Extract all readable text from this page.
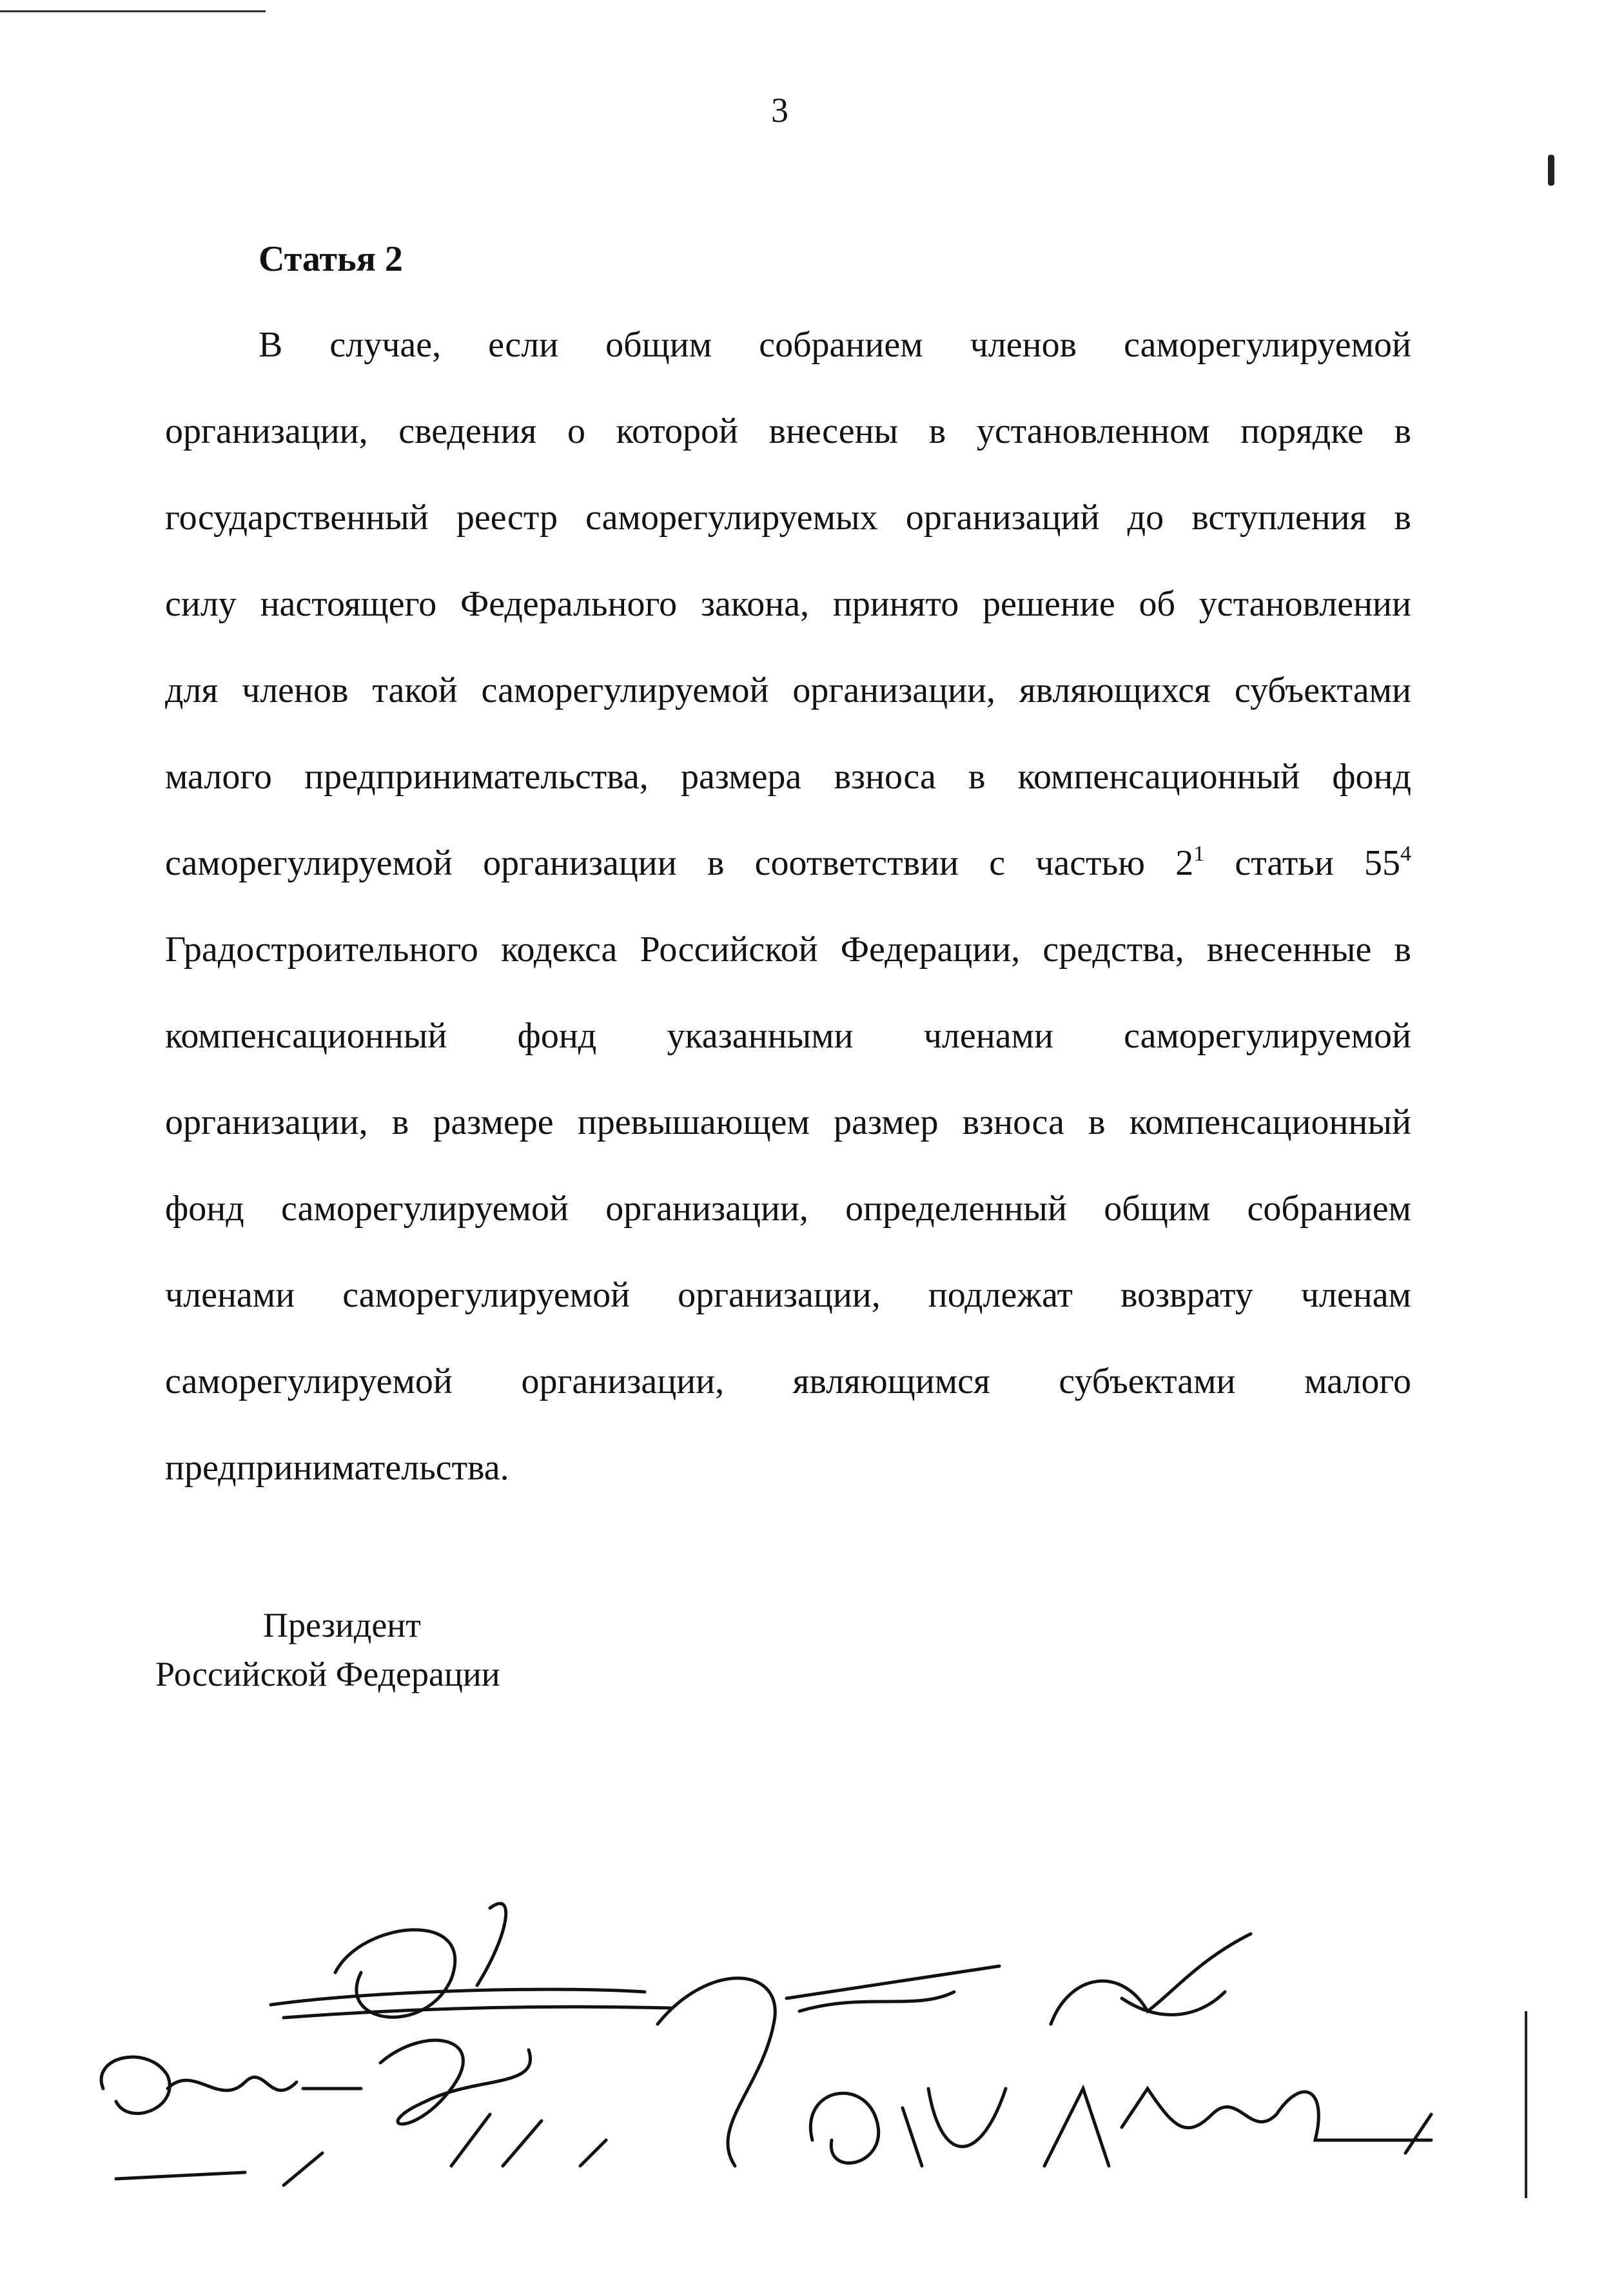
3
Статья 2
В случае, если общим собранием членов саморегулируемой
организации, сведения о которой внесены в установленном порядке в
государственный реестр саморегулируемых организаций до вступления в
силу настоящего Федерального закона, принято решение об установлении
для членов такой саморегулируемой организации, являющихся субъектами
малого предпринимательства, размера взноса в компенсационный фонд
саморегулируемой организации в соответствии с частью $2^1$ статьи $55^4$
Градостроительного кодекса Российской Федерации, средства, внесенные в
компенсационный фонд указанными членами саморегулируемой
организации, в размере превышающем размер взноса в компенсационный
фонд саморегулируемой организации, определенный общим собранием
членами саморегулируемой организации, подлежат возврату членам
саморегулируемой организации, являющимся субъектами малого
предпринимательства.
Президент
Российской Федерации
